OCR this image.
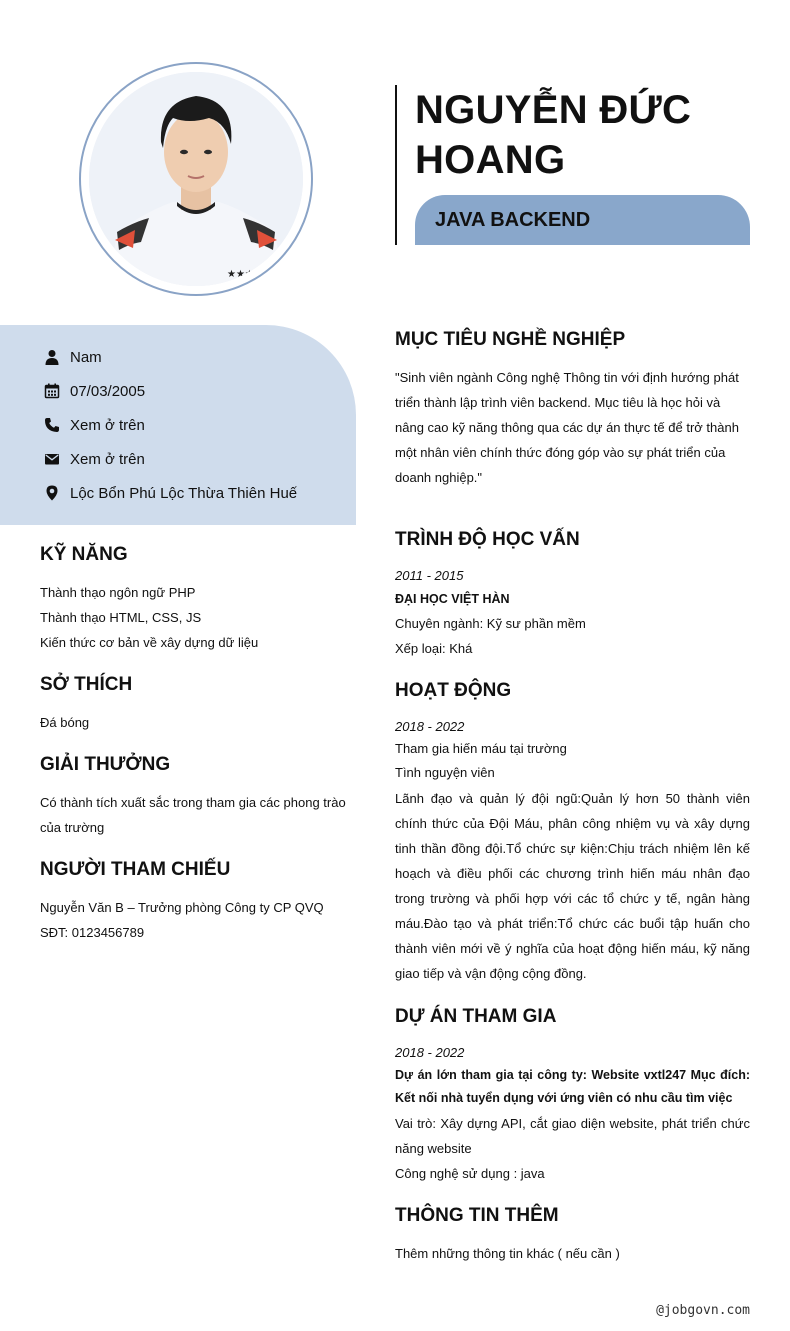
★★★
NGUYỄN ĐỨC HOANG
JAVA BACKEND
Nam
07/03/2005
Xem ở trên
Xem ở trên
Lộc Bổn Phú Lộc Thừa Thiên Huế
KỸ NĂNG
Thành thạo ngôn ngữ PHP
Thành thạo HTML, CSS, JS
Kiến thức cơ bản về xây dựng dữ liệu
SỞ THÍCH
Đá bóng
GIẢI THƯỞNG
Có thành tích xuất sắc trong tham gia các phong trào của trường
NGƯỜI THAM CHIẾU
Nguyễn Văn B – Trưởng phòng Công ty CP QVQ SĐT: 0123456789
MỤC TIÊU NGHỀ NGHIỆP
"Sinh viên ngành Công nghệ Thông tin với định hướng phát triển thành lập trình viên backend. Mục tiêu là học hỏi và nâng cao kỹ năng thông qua các dự án thực tế để trở thành một nhân viên chính thức đóng góp vào sự phát triển của doanh nghiệp."
TRÌNH ĐỘ HỌC VẤN
2011 - 2015
ĐẠI HỌC VIỆT HÀN
Chuyên ngành: Kỹ sư phần mềm
Xếp loại: Khá
HOẠT ĐỘNG
2018 - 2022
Tham gia hiến máu tại trường
Tình nguyện viên
Lãnh đạo và quản lý đội ngũ:Quản lý hơn 50 thành viên chính thức của Đội Máu, phân công nhiệm vụ và xây dựng tinh thần đồng đội.Tổ chức sự kiện:Chịu trách nhiệm lên kế hoạch và điều phối các chương trình hiến máu nhân đạo trong trường và phối hợp với các tổ chức y tế, ngân hàng máu.Đào tạo và phát triển:Tổ chức các buổi tập huấn cho thành viên mới về ý nghĩa của hoạt động hiến máu, kỹ năng giao tiếp và vận động cộng đồng.
DỰ ÁN THAM GIA
2018 - 2022
Dự án lớn tham gia tại công ty: Website vxtl247 Mục đích: Kết nối nhà tuyển dụng với ứng viên có nhu cầu tìm việc
Vai trò: Xây dựng API, cắt giao diện website, phát triển chức năng website
Công nghệ sử dụng : java
THÔNG TIN THÊM
Thêm những thông tin khác ( nếu cần )
@jobgovn.com
